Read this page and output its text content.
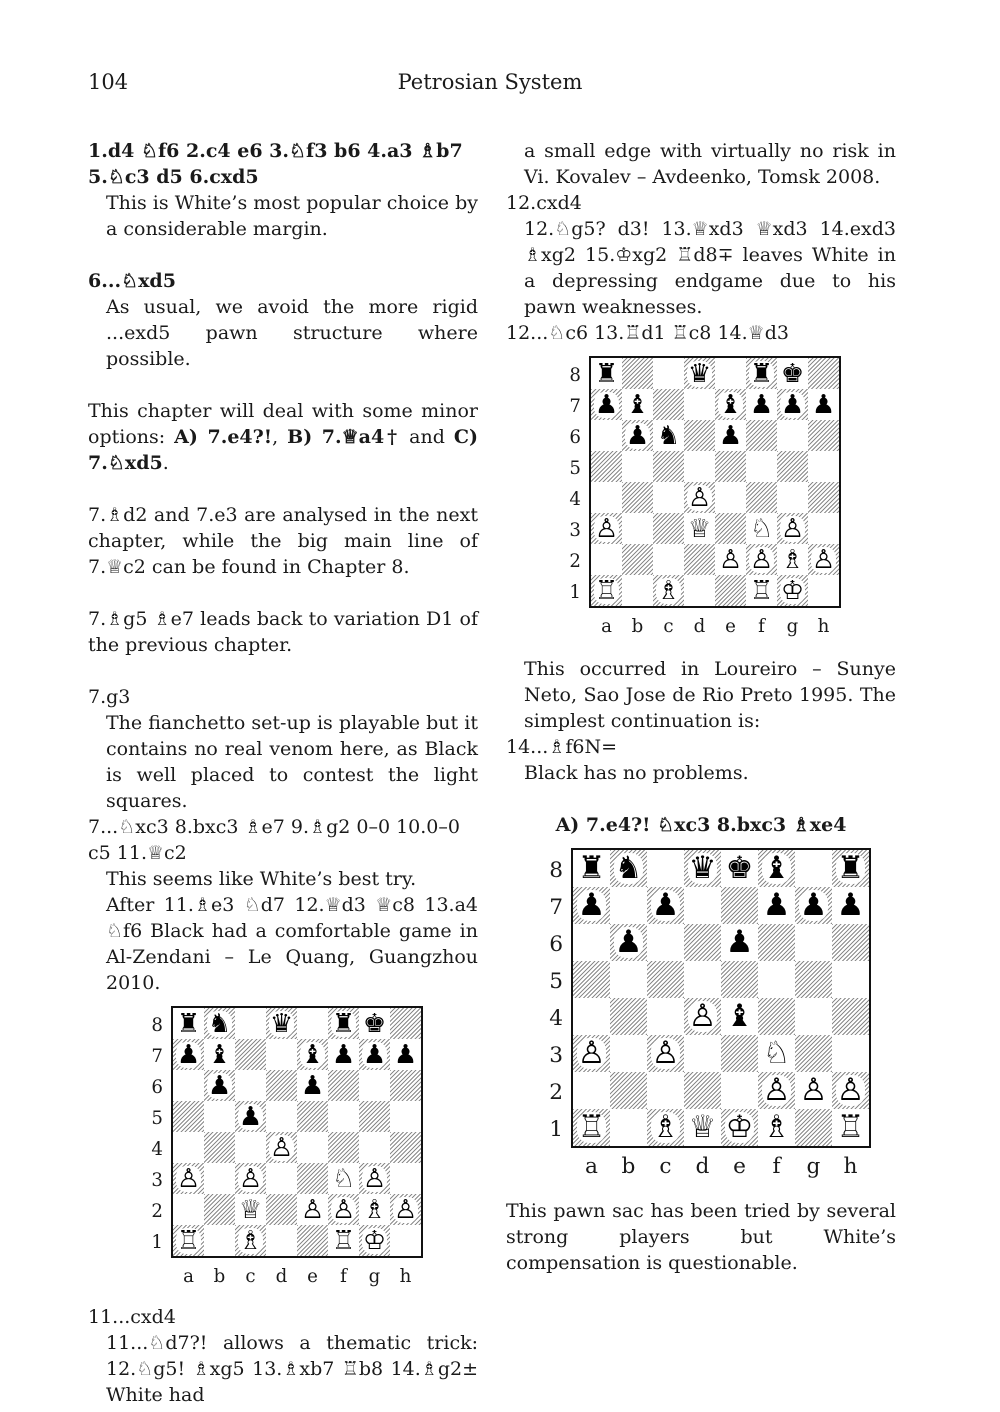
104	Petrosian System
1.d4 ♘f6 2.c4 e6 3.♘f3 b6 4.a3 ♗b7 5.♘c3 d5 6.cxd5
This is White’s most popular choice by a considerable margin.
6...♘xd5
As usual, we avoid the more rigid ...exd5 pawn structure where possible.
This chapter will deal with some minor options: A) 7.e4?!, B) 7.♕a4† and C) 7.♘xd5.
7.♗d2 and 7.e3 are analysed in the next chapter, while the big main line of 7.♕c2 can be found in Chapter 8.
7.♗g5 ♗e7 leads back to variation D1 of the previous chapter.
7.g3
The fianchetto set-up is playable but it contains no real venom here, as Black is well placed to contest the light squares.
7...♘xc3 8.bxc3 ♗e7 9.♗g2 0–0 10.0–0 c5 11.♕c2
This seems like White’s best try.
After 11.♗e3 ♘d7 12.♕d3 ♕c8 13.a4 ♘f6 Black had a comfortable game in Al-Zendani – Le Quang, Guangzhou 2010.
♜ ♞ ♛ ♜ ♚
♟ ♝	♝ ♟ ♟ ♟
♟	♟
♟
♙
♙ ♙	♘ ♙
♕ ♙ ♙ ♗ ♙
♖ ♗	♖ ♔
8
7
6
5
4
3
2
1
a	b	c	d	e	f	g	h
11...cxd4
11...♘d7?! allows a thematic trick: 12.♘g5! ♗xg5 13.♗xb7 ♖b8 14.♗g2± White had
a small edge with virtually no risk in Vi. Kovalev – Avdeenko, Tomsk 2008.
12.cxd4
12.♘g5? d3! 13.♕xd3 ♕xd3 14.exd3 ♗xg2 15.♔xg2 ♖d8∓ leaves White in a depressing endgame due to his pawn weaknesses.
12...♘c6 13.♖d1 ♖c8 14.♕d3
♜	♛ ♜ ♚
♟ ♝	♝ ♟ ♟ ♟
♟ ♞ ♟
♙
♙	♕ ♘ ♙
♙ ♙ ♗ ♙
♖ ♗	♖ ♔
8
7
6
5
4
3
2
1
a	b	c	d	e	f	g	h
This occurred in Loureiro – Sunye Neto, Sao Jose de Rio Preto 1995. The simplest continuation is:
14...♗f6N=
Black has no problems.
A) 7.e4?! ♘xc3 8.bxc3 ♗xe4
♜ ♞ ♛ ♚ ♝ ♜
♟ ♟	♟ ♟ ♟
♟	♟
♙ ♝
♙ ♙	♘
♙ ♙ ♙
♖ ♗ ♕ ♔ ♗ ♖
8
7
6
5
4
3
2
1
a	b	c	d	e	f	g	h
This pawn sac has been tried by several strong players but White’s compensation is questionable.
